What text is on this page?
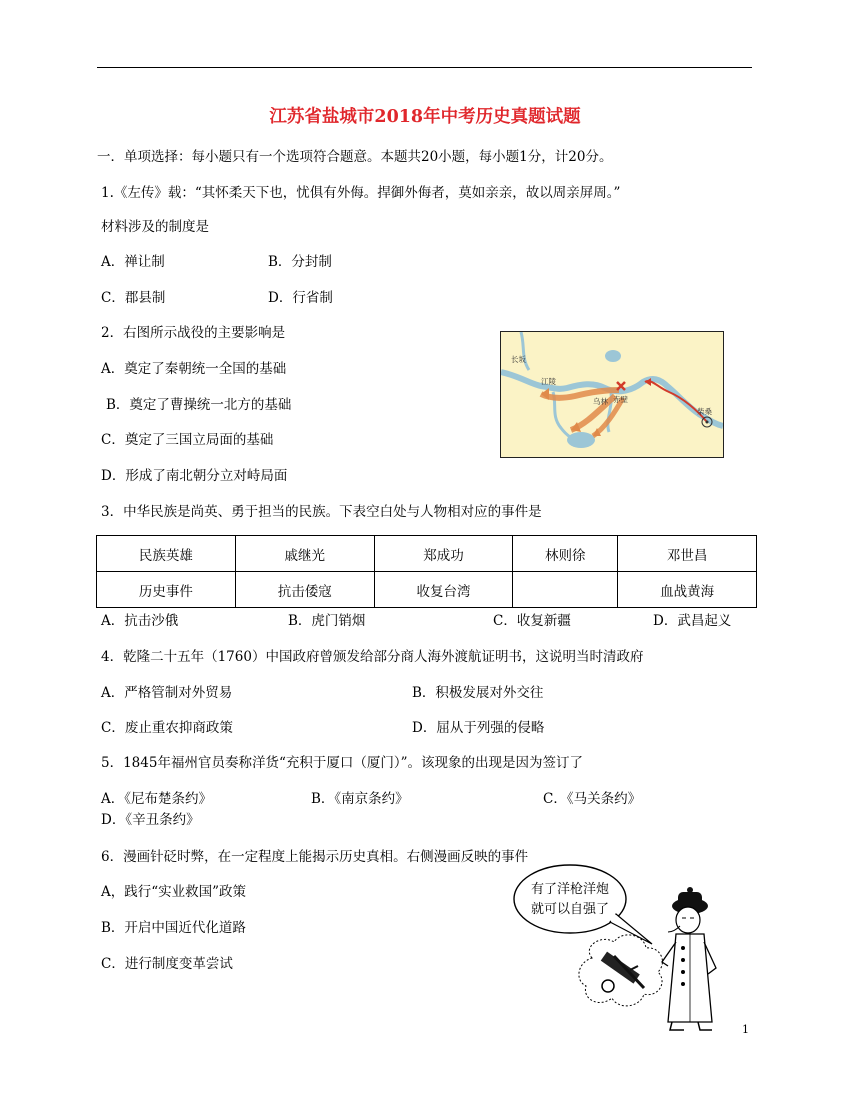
江苏省盐城市2018年中考历史真题试题
一．单项选择：每小题只有一个选项符合题意。本题共20小题，每小题1分，计20分。
1.《左传》载：“其怀柔天下也，忧俱有外侮。捍御外侮者，莫如亲亲，故以周亲屏周。”
材料涉及的制度是
A．禅让制	B．分封制
C．郡县制	D．行省制
2．右图所示战役的主要影响是
A．奠定了秦朝统一全国的基础
B．奠定了曹操统一北方的基础
C．奠定了三国立局面的基础
D．形成了南北朝分立对峙局面
长坂
江陵
赤壁
乌林
柴桑
3．中华民族是尚英、勇于担当的民族。下表空白处与人物相对应的事件是
民族英雄	戚继光	郑成功	林则徐	邓世昌
历史事件	抗击倭寇	收复台湾		血战黄海
A．抗击沙俄	B．虎门销烟	C．收复新疆	D．武昌起义
4．乾隆二十五年（1760）中国政府曾颁发给部分商人海外渡航证明书，这说明当时清政府
A．严格管制对外贸易	B．积极发展对外交往
C．废止重农抑商政策	D．屈从于列强的侵略
5．1845年福州官员奏称洋货“充积于厦口（厦门）”。该现象的出现是因为签订了
A．《尼布楚条约》	B．《南京条约》	C．《马关条约》
D．《辛丑条约》
6．漫画针砭时弊，在一定程度上能揭示历史真相。右侧漫画反映的事件
A，践行“实业救国”政策
B．开启中国近代化道路
C．进行制度变革尝试
有了洋枪洋炮
就可以自强了
1
